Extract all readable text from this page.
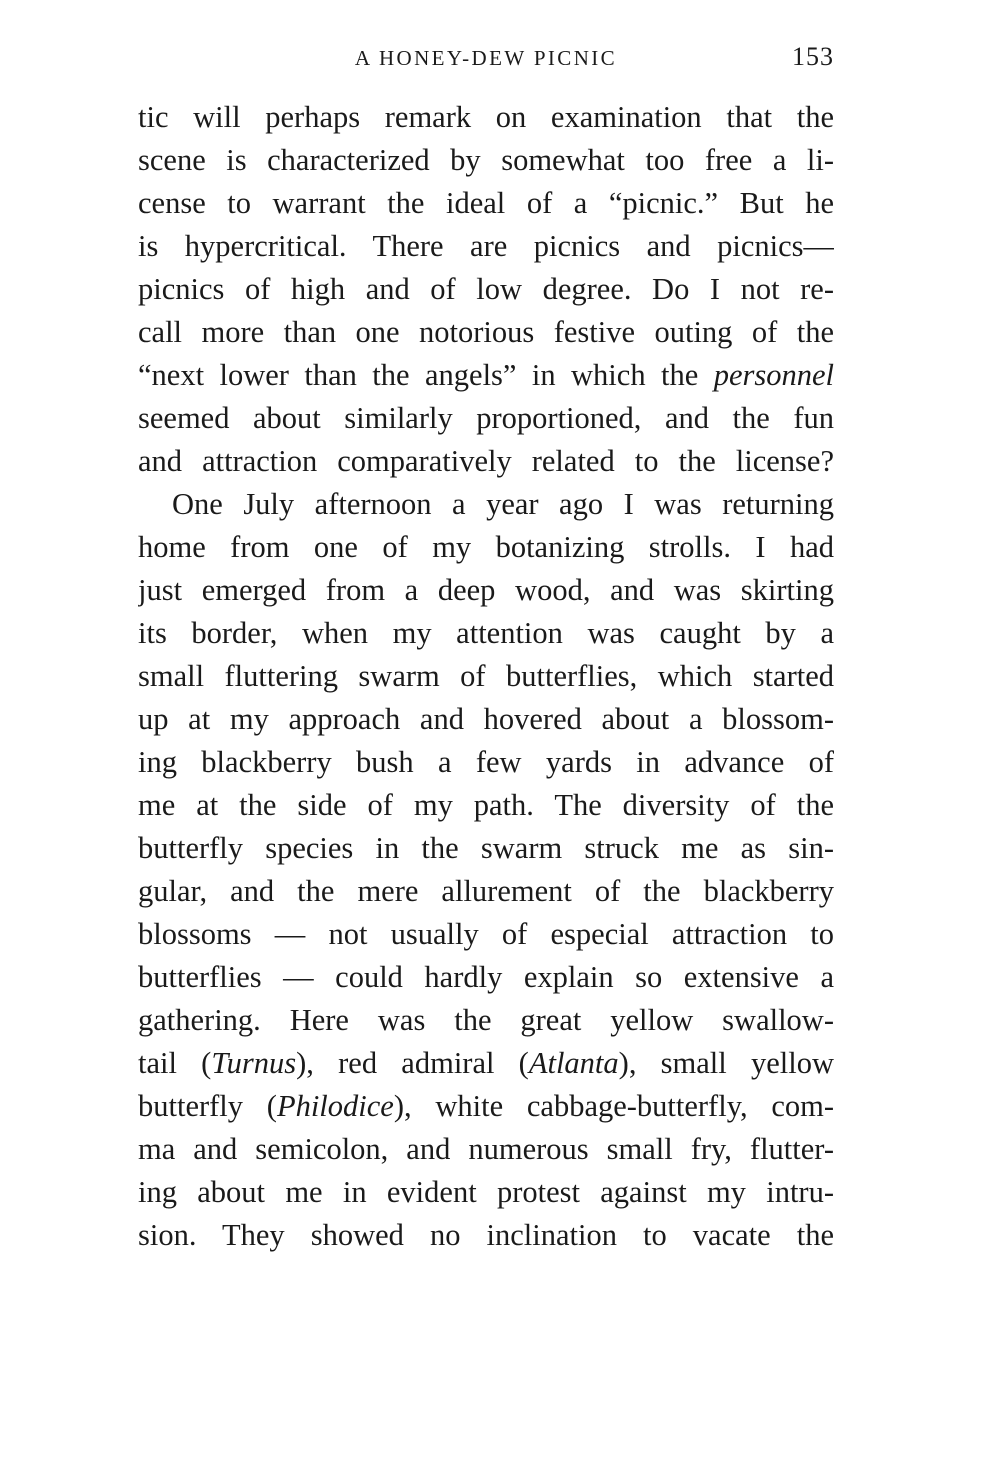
A HONEY-DEW PICNIC	153
tic will perhaps remark on examination that the
scene is characterized by somewhat too free a li-
cense to warrant the ideal of a “picnic.” But he
is hypercritical. There are picnics and picnics—
picnics of high and of low degree. Do I not re-
call more than one notorious festive outing of the
“next lower than the angels” in which the personnel
seemed about similarly proportioned, and the fun
and attraction comparatively related to the license?
One July afternoon a year ago I was returning
home from one of my botanizing strolls. I had
just emerged from a deep wood, and was skirting
its border, when my attention was caught by a
small fluttering swarm of butterflies, which started
up at my approach and hovered about a blossom-
ing blackberry bush a few yards in advance of
me at the side of my path. The diversity of the
butterfly species in the swarm struck me as sin-
gular, and the mere allurement of the blackberry
blossoms — not usually of especial attraction to
butterflies — could hardly explain so extensive a
gathering. Here was the great yellow swallow-
tail (Turnus), red admiral (Atlanta), small yellow
butterfly (Philodice), white cabbage-butterfly, com-
ma and semicolon, and numerous small fry, flutter-
ing about me in evident protest against my intru-
sion. They showed no inclination to vacate the
